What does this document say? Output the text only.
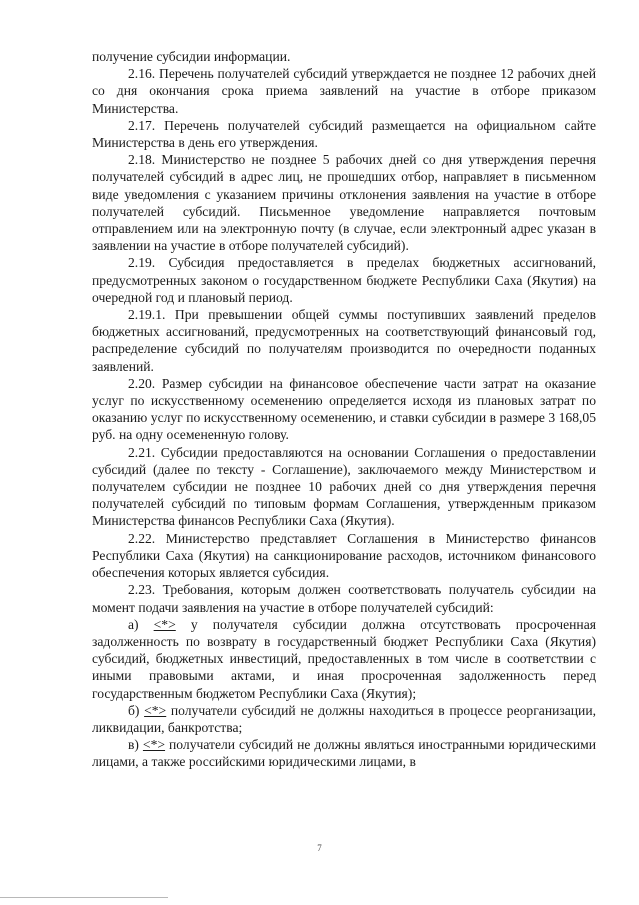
получение субсидии информации.

2.16. Перечень получателей субсидий утверждается не позднее 12 рабочих дней со дня окончания срока приема заявлений на участие в отборе приказом Министерства.

2.17. Перечень получателей субсидий размещается на официальном сайте Министерства в день его утверждения.

2.18. Министерство не позднее 5 рабочих дней со дня утверждения перечня получателей субсидий в адрес лиц, не прошедших отбор, направляет в письменном виде уведомления с указанием причины отклонения заявления на участие в отборе получателей субсидий. Письменное уведомление направляется почтовым отправлением или на электронную почту (в случае, если электронный адрес указан в заявлении на участие в отборе получателей субсидий).

2.19. Субсидия предоставляется в пределах бюджетных ассигнований, предусмотренных законом о государственном бюджете Республики Саха (Якутия) на очередной год и плановый период.

2.19.1. При превышении общей суммы поступивших заявлений пределов бюджетных ассигнований, предусмотренных на соответствующий финансовый год, распределение субсидий по получателям производится по очередности поданных заявлений.

2.20. Размер субсидии на финансовое обеспечение части затрат на оказание услуг по искусственному осеменению определяется исходя из плановых затрат по оказанию услуг по искусственному осеменению, и ставки субсидии в размере 3 168,05 руб. на одну осемененную голову.

2.21. Субсидии предоставляются на основании Соглашения о предоставлении субсидий (далее по тексту - Соглашение), заключаемого между Министерством и получателем субсидии не позднее 10 рабочих дней со дня утверждения перечня получателей субсидий по типовым формам Соглашения, утвержденным приказом Министерства финансов Республики Саха (Якутия).

2.22. Министерство представляет Соглашения в Министерство финансов Республики Саха (Якутия) на санкционирование расходов, источником финансового обеспечения которых является субсидия.

2.23. Требования, которым должен соответствовать получатель субсидии на момент подачи заявления на участие в отборе получателей субсидий:

а) <*> у получателя субсидии должна отсутствовать просроченная задолженность по возврату в государственный бюджет Республики Саха (Якутия) субсидий, бюджетных инвестиций, предоставленных в том числе в соответствии с иными правовыми актами, и иная просроченная задолженность перед государственным бюджетом Республики Саха (Якутия);

б) <*> получатели субсидий не должны находиться в процессе реорганизации, ликвидации, банкротства;

в) <*> получатели субсидий не должны являться иностранными юридическими лицами, а также российскими юридическими лицами, в

7
